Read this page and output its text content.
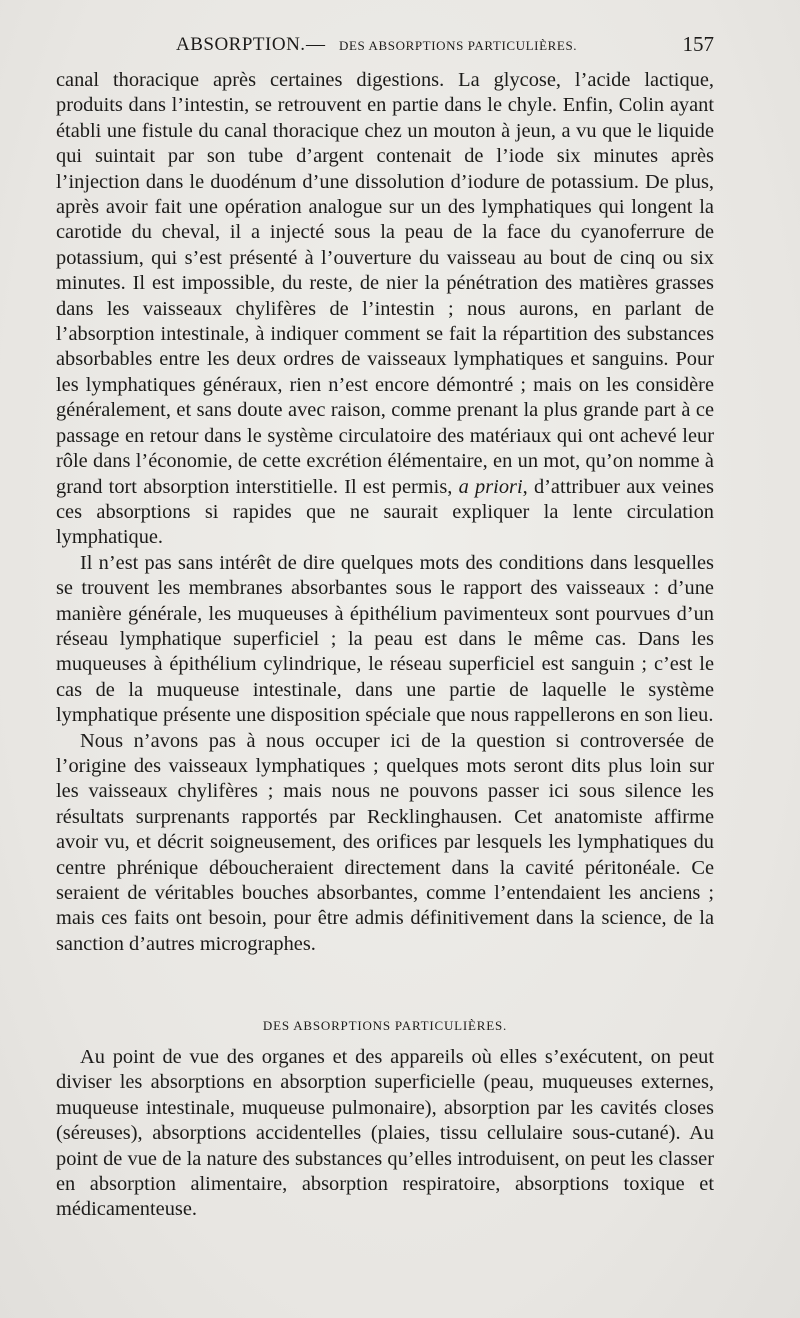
ABSORPTION. — DES ABSORPTIONS PARTICULIÈRES.	157

canal thoracique après certaines digestions. La glycose, l’acide lactique, produits dans l’intestin, se retrouvent en partie dans le chyle. Enfin, Colin ayant établi une fistule du canal thoracique chez un mouton à jeun, a vu que le liquide qui suintait par son tube d’argent contenait de l’iode six minutes après l’injection dans le duodénum d’une dissolution d’iodure de potassium. De plus, après avoir fait une opération analogue sur un des lymphatiques qui longent la carotide du cheval, il a injecté sous la peau de la face du cyanoferrure de potassium, qui s’est présenté à l’ouverture du vaisseau au bout de cinq ou six minutes. Il est impossible, du reste, de nier la pénétration des matières grasses dans les vaisseaux chylifères de l’intestin ; nous aurons, en parlant de l’absorption intestinale, à indiquer comment se fait la répartition des substances absorbables entre les deux ordres de vaisseaux lymphatiques et sanguins. Pour les lymphatiques généraux, rien n’est encore démontré ; mais on les considère généralement, et sans doute avec raison, comme prenant la plus grande part à ce passage en retour dans le système circulatoire des matériaux qui ont achevé leur rôle dans l’économie, de cette excrétion élémentaire, en un mot, qu’on nomme à grand tort absorption interstitielle. Il est permis, a priori, d’attribuer aux veines ces absorptions si rapides que ne saurait expliquer la lente circulation lymphatique.

Il n’est pas sans intérêt de dire quelques mots des conditions dans lesquelles se trouvent les membranes absorbantes sous le rapport des vaisseaux : d’une manière générale, les muqueuses à épithélium pavimenteux sont pourvues d’un réseau lymphatique superficiel ; la peau est dans le même cas. Dans les muqueuses à épithélium cylindrique, le réseau superficiel est sanguin ; c’est le cas de la muqueuse intestinale, dans une partie de laquelle le système lymphatique présente une disposition spéciale que nous rappellerons en son lieu.

Nous n’avons pas à nous occuper ici de la question si controversée de l’origine des vaisseaux lymphatiques ; quelques mots seront dits plus loin sur les vaisseaux chylifères ; mais nous ne pouvons passer ici sous silence les résultats surprenants rapportés par Recklinghausen. Cet anatomiste affirme avoir vu, et décrit soigneusement, des orifices par lesquels les lymphatiques du centre phrénique déboucheraient directement dans la cavité péritonéale. Ce seraient de véritables bouches absorbantes, comme l’entendaient les anciens ; mais ces faits ont besoin, pour être admis définitivement dans la science, de la sanction d’autres micrographes.

DES ABSORPTIONS PARTICULIÈRES.

Au point de vue des organes et des appareils où elles s’exécutent, on peut diviser les absorptions en absorption superficielle (peau, muqueuses externes, muqueuse intestinale, muqueuse pulmonaire), absorption par les cavités closes (séreuses), absorptions accidentelles (plaies, tissu cellulaire sous-cutané). Au point de vue de la nature des substances qu’elles introduisent, on peut les classer en absorption alimentaire, absorption respiratoire, absorptions toxique et médicamenteuse.
